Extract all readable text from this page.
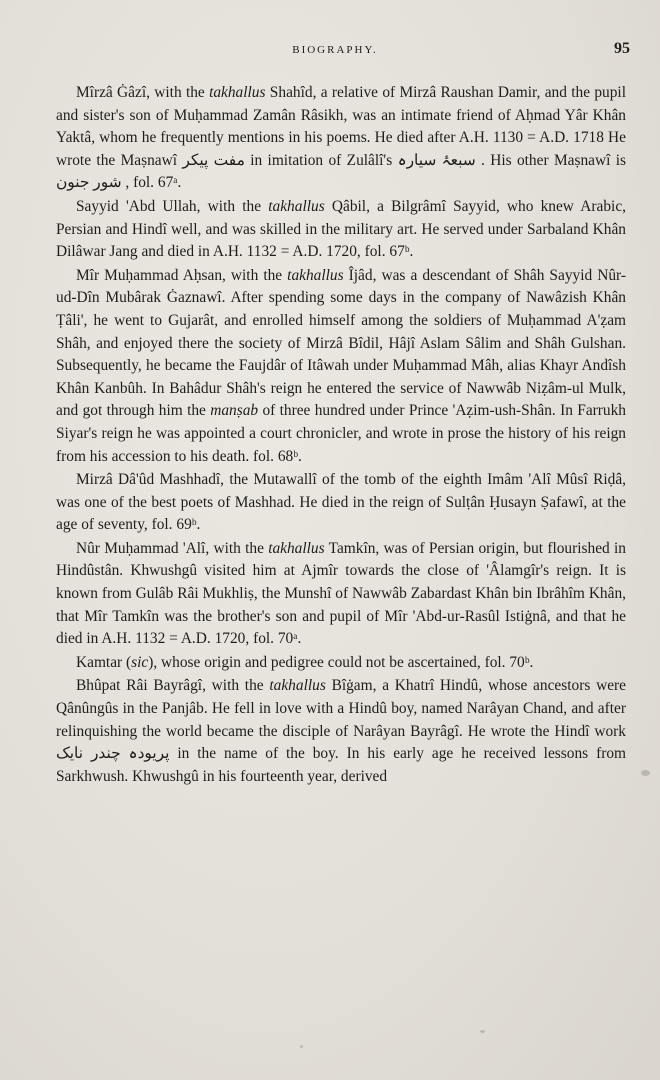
BIOGRAPHY.	95

Mîrzâ Ġâzî, with the takhallus Shahîd, a relative of Mirzâ Raushan Damir, and the pupil and sister's son of Muḥammad Zamân Râsikh, was an intimate friend of Aḥmad Yâr Khân Yaktâ, whom he frequently mentions in his poems. He died after A.H. 1130 = A.D. 1718 He wrote the Maṣnawî مفت پیکر in imitation of Zulâlî's سبعۂ سیارہ . His other Maṣnawî is شور جنون , fol. 67ᵃ.

Sayyid 'Abd Ullah, with the takhallus Qâbil, a Bilgrâmî Sayyid, who knew Arabic, Persian and Hindî well, and was skilled in the military art. He served under Sarbaland Khân Dilâwar Jang and died in A.H. 1132 = A.D. 1720, fol. 67ᵇ.

Mîr Muḥammad Aḥsan, with the takhallus Îjâd, was a descendant of Shâh Sayyid Nûr-ud-Dîn Mubârak Ġaznawî. After spending some days in the company of Nawâzish Khân Ṭâli', he went to Gujarât, and enrolled himself among the soldiers of Muḥammad A'ẓam Shâh, and enjoyed there the society of Mirzâ Bîdil, Hâjî Aslam Sâlim and Shâh Gulshan. Subsequently, he became the Faujdâr of Itâwah under Muḥammad Mâh, alias Khayr Andîsh Khân Kanbûh. In Bahâdur Shâh's reign he entered the service of Nawwâb Niẓâm-ul Mulk, and got through him the manṣab of three hundred under Prince 'Aẓim-ush-Shân. In Farrukh Siyar's reign he was appointed a court chronicler, and wrote in prose the history of his reign from his accession to his death. fol. 68ᵇ.

Mirzâ Dâ'ûd Mashhadî, the Mutawallî of the tomb of the eighth Imâm 'Alî Mûsî Riḍâ, was one of the best poets of Mashhad. He died in the reign of Sulṭân Ḥusayn Ṣafawî, at the age of seventy, fol. 69ᵇ.

Nûr Muḥammad 'Alî, with the takhallus Tamkîn, was of Persian origin, but flourished in Hindûstân. Khwushgû visited him at Ajmîr towards the close of 'Âlamgîr's reign. It is known from Gulâb Râi Mukhliṣ, the Munshî of Nawwâb Zabardast Khân bin Ibrâhîm Khân, that Mîr Tamkîn was the brother's son and pupil of Mîr 'Abd-ur-Rasûl Istiġnâ, and that he died in A.H. 1132 = A.D. 1720, fol. 70ᵃ.

Kamtar (sic), whose origin and pedigree could not be ascertained, fol. 70ᵇ.

Bhûpat Râi Bayrâgî, with the takhallus Bîġam, a Khatrî Hindû, whose ancestors were Qânûngûs in the Panjâb. He fell in love with a Hindû boy, named Narâyan Chand, and after relinquishing the world became the disciple of Narâyan Bayrâgî. He wrote the Hindî work پریودہ چندر نایک in the name of the boy. In his early age he received lessons from Sarkhwush. Khwushgû in his fourteenth year, derived
